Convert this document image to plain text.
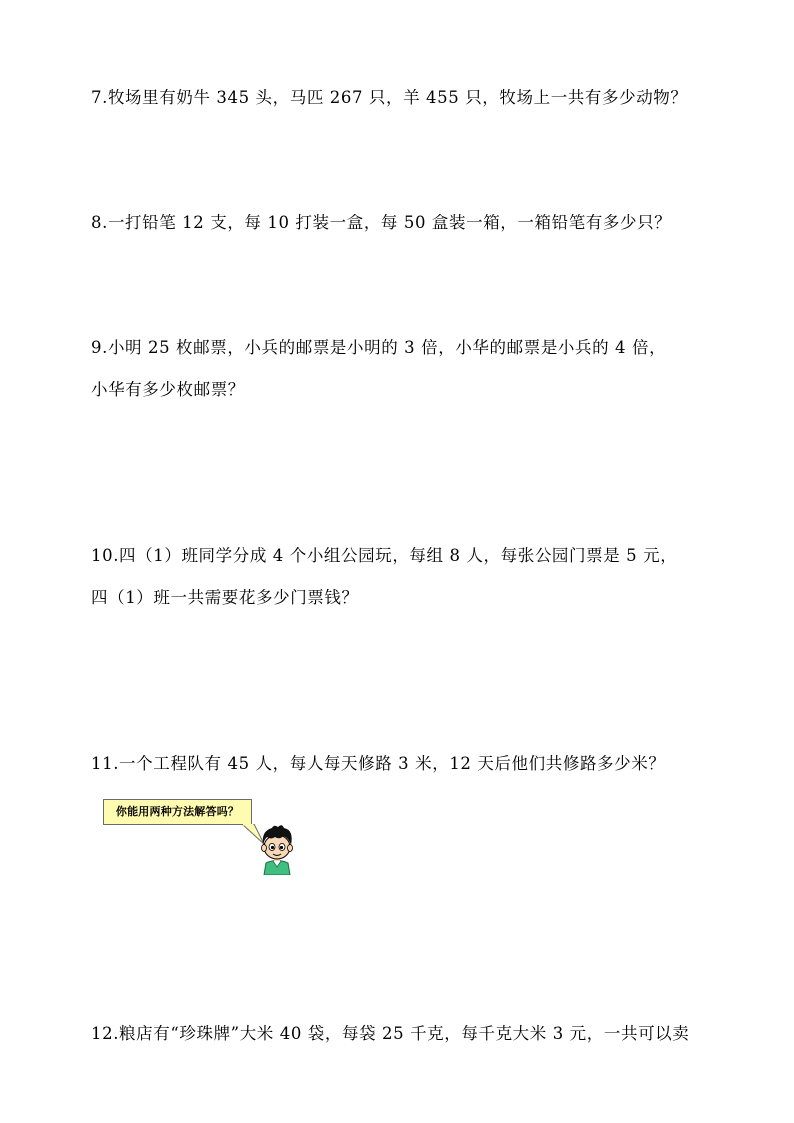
7.牧场里有奶牛 345 头，马匹 267 只，羊 455 只，牧场上一共有多少动物？
8.一打铅笔 12 支，每 10 打装一盒，每 50 盒装一箱，一箱铅笔有多少只？
9.小明 25 枚邮票，小兵的邮票是小明的 3 倍，小华的邮票是小兵的 4 倍，
小华有多少枚邮票？
10.四（1）班同学分成 4 个小组公园玩，每组 8 人，每张公园门票是 5 元，
四（1）班一共需要花多少门票钱？
11.一个工程队有 45 人，每人每天修路 3 米，12 天后他们共修路多少米？
你能用两种方法解答吗？
12.粮店有“珍珠牌”大米 40 袋，每袋 25 千克，每千克大米 3 元，一共可以卖
